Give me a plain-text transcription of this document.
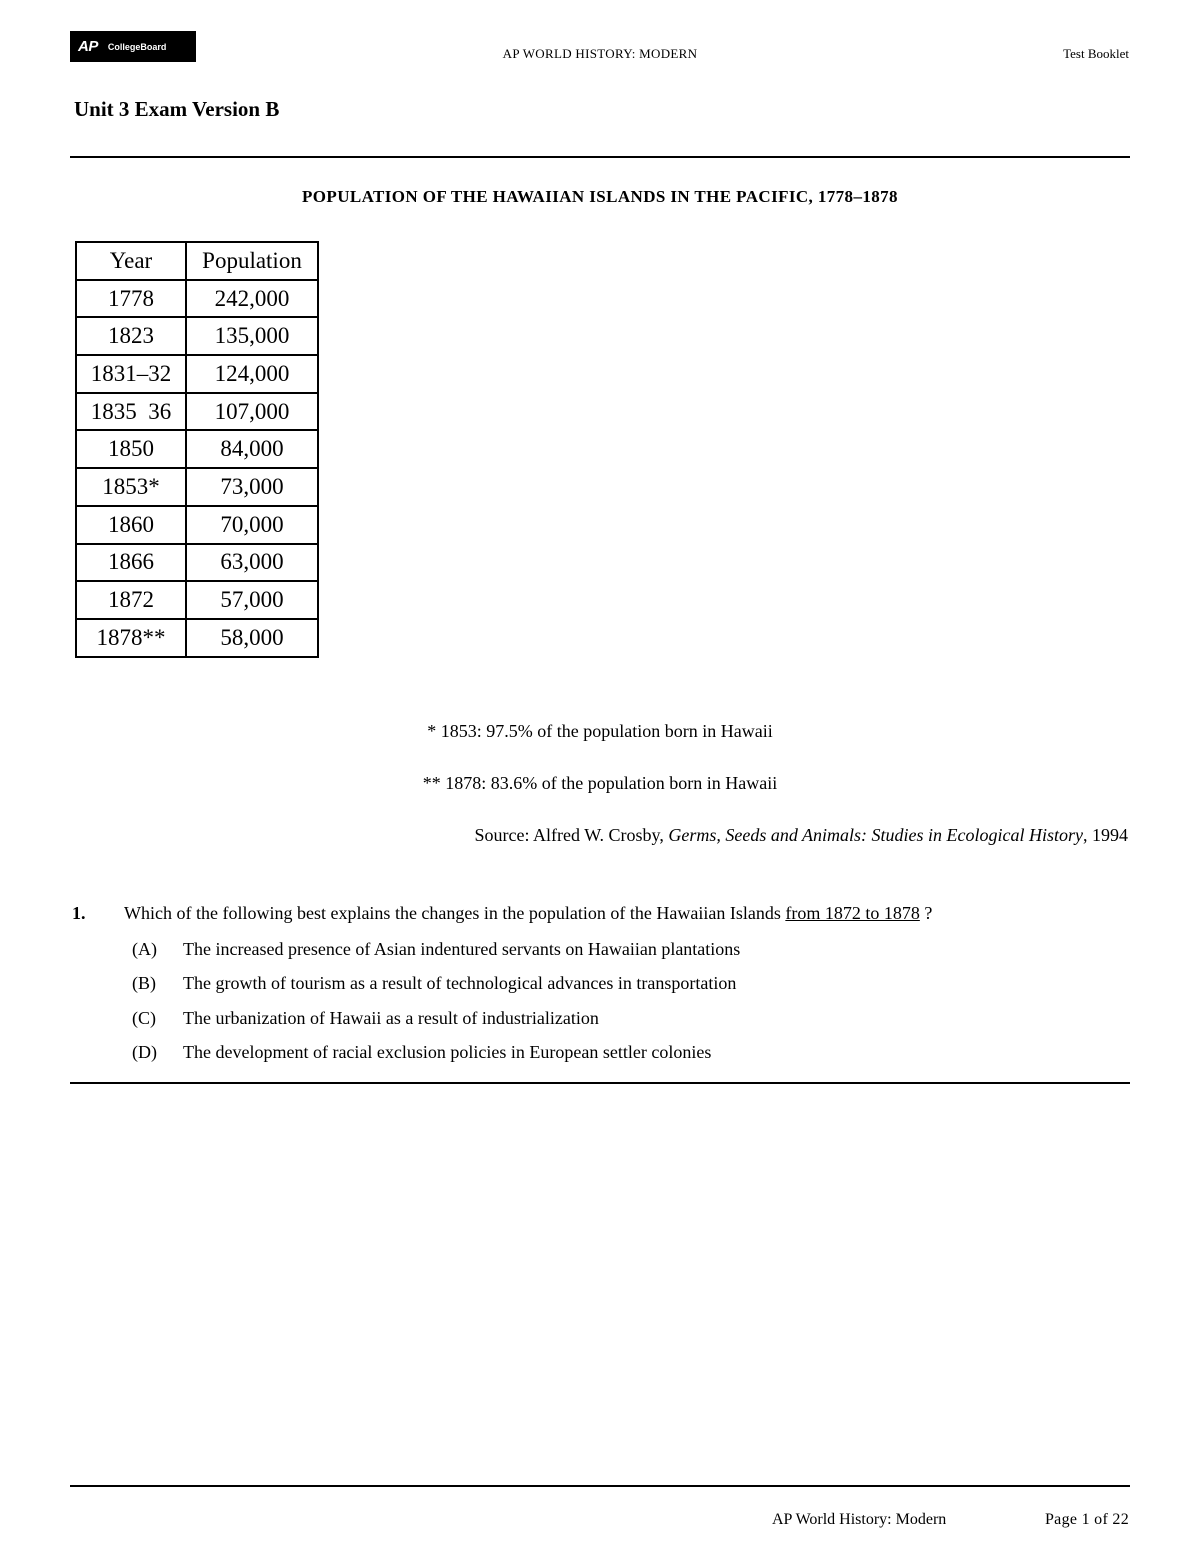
AP CollegeBoard	AP WORLD HISTORY: MODERN	Test Booklet
Unit 3 Exam Version B
POPULATION OF THE HAWAIIAN ISLANDS IN THE PACIFIC, 1778–1878
Year	Population
1778	242,000
1823	135,000
1831–32	124,000
1835  36	107,000
1850	84,000
1853*	73,000
1860	70,000
1866	63,000
1872	57,000
1878**	58,000
* 1853: 97.5% of the population born in Hawaii
** 1878: 83.6% of the population born in Hawaii
Source: Alfred W. Crosby, Germs, Seeds and Animals: Studies in Ecological History, 1994
1. Which of the following best explains the changes in the population of the Hawaiian Islands from 1872 to 1878 ?
(A) The increased presence of Asian indentured servants on Hawaiian plantations
(B) The growth of tourism as a result of technological advances in transportation
(C) The urbanization of Hawaii as a result of industrialization
(D) The development of racial exclusion policies in European settler colonies
AP World History: Modern	Page 1 of 22
